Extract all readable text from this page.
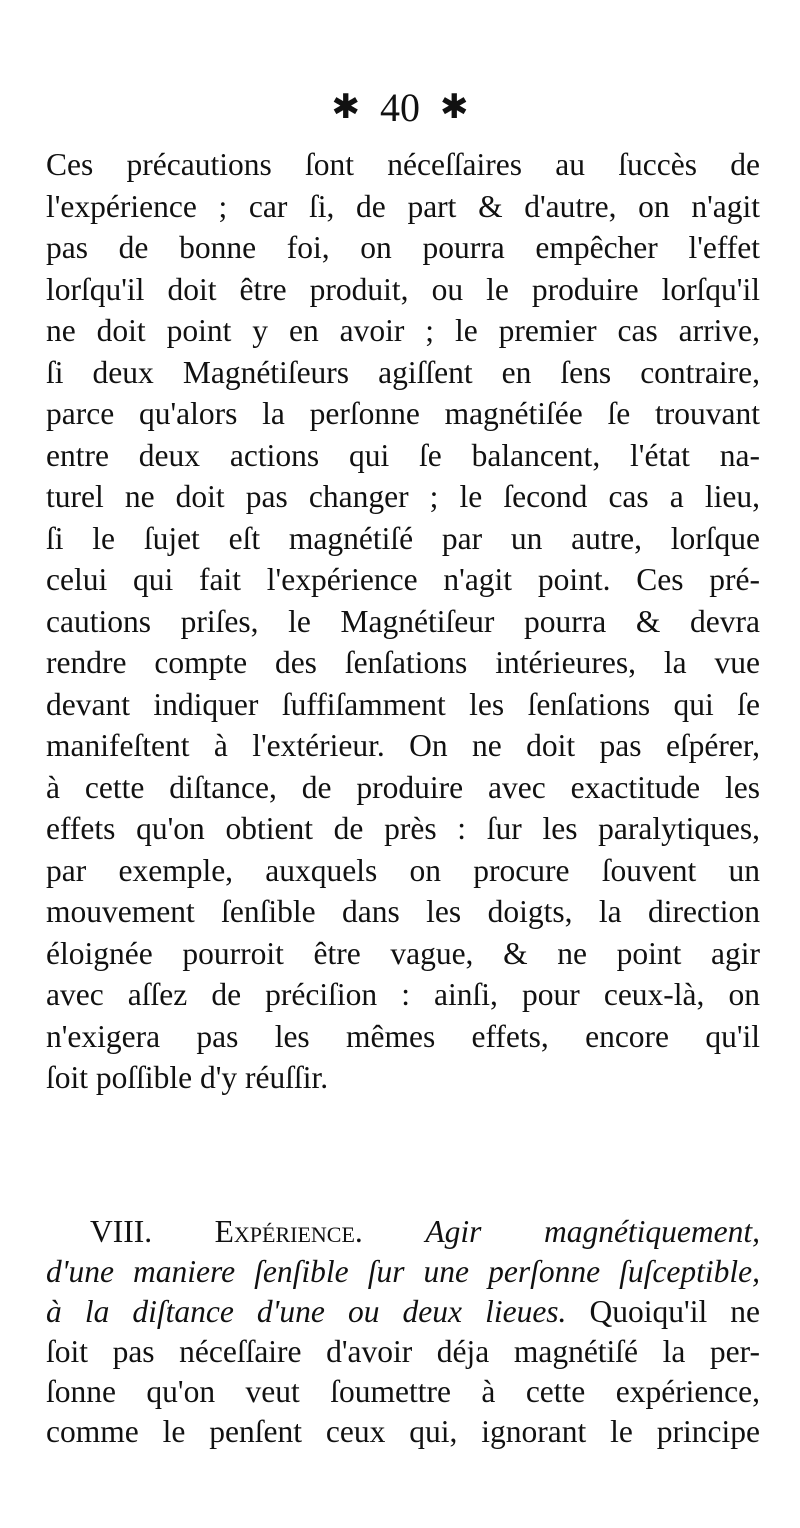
✱ 40 ✱
Ces précautions ſont néceſſaires au ſuccès de
l'expérience ; car ſi, de part & d'autre, on n'agit
pas de bonne foi, on pourra empêcher l'effet
lorſqu'il doit être produit, ou le produire lorſqu'il
ne doit point y en avoir ; le premier cas arrive,
ſi deux Magnétiſeurs agiſſent en ſens contraire,
parce qu'alors la perſonne magnétiſée ſe trouvant
entre deux actions qui ſe balancent, l'état na-
turel ne doit pas changer ; le ſecond cas a lieu,
ſi le ſujet eſt magnétiſé par un autre, lorſque
celui qui fait l'expérience n'agit point. Ces pré-
cautions priſes, le Magnétiſeur pourra & devra
rendre compte des ſenſations intérieures, la vue
devant indiquer ſuffiſamment les ſenſations qui ſe
manifeſtent à l'extérieur. On ne doit pas eſpérer,
à cette diſtance, de produire avec exactitude les
effets qu'on obtient de près : ſur les paralytiques,
par exemple, auxquels on procure ſouvent un
mouvement ſenſible dans les doigts, la direction
éloignée pourroit être vague, & ne point agir
avec aſſez de préciſion : ainſi, pour ceux-là, on
n'exigera pas les mêmes effets, encore qu'il
ſoit poſſible d'y réuſſir.
VIII. Expérience. Agir magnétiquement,
d'une maniere ſenſible ſur une perſonne ſuſceptible,
à la diſtance d'une ou deux lieues. Quoiqu'il ne
ſoit pas néceſſaire d'avoir déja magnétiſé la per-
ſonne qu'on veut ſoumettre à cette expérience,
comme le penſent ceux qui, ignorant le principe
